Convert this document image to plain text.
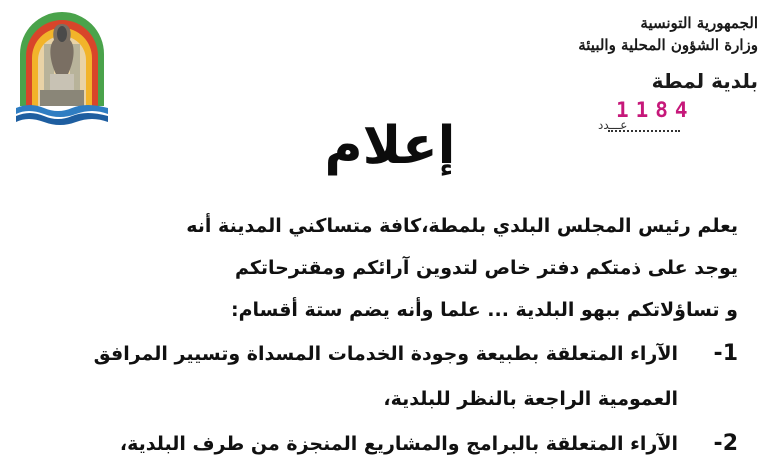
الجمهورية التونسية
وزارة الشؤون المحلية والبيئة
بلدية لمطة
1184
عـــدد
إعلام

يعلم رئيس المجلس البلدي بلمطة،كافة متساكني المدينة أنه

يوجد على ذمتكم دفتر خاص لتدوين آرائكم ومقترحاتكم

و تساؤلاتكم ببهو البلدية ... علما وأنه يضم ستة أقسام:

1-
الآراء المتعلقة بطبيعة وجودة الخدمات المسداة وتسيير المرافق

العمومية الراجعة بالنظر للبلدية،

2-
الآراء المتعلقة بالبرامج والمشاريع المنجزة من طرف البلدية،
